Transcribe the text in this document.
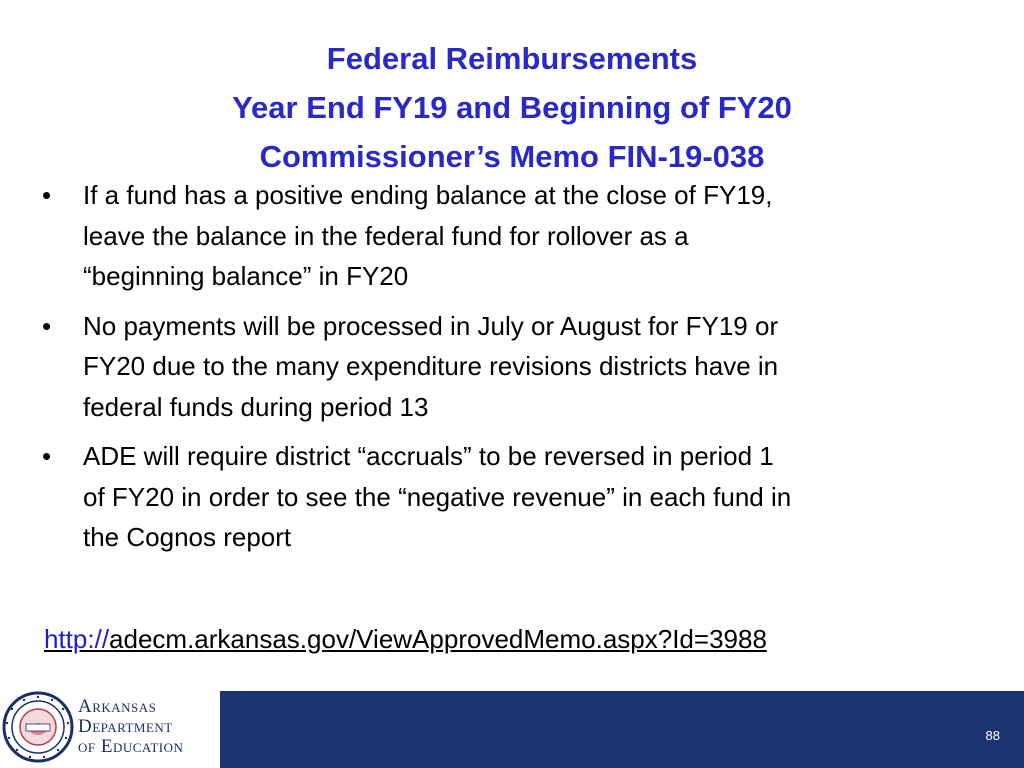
Federal Reimbursements
Year End FY19 and Beginning of FY20
Commissioner’s Memo FIN-19-038
•	If a fund has a positive ending balance at the close of FY19,
leave the balance in the federal fund for rollover as a
“beginning balance” in FY20
•	No payments will be processed in July or August for FY19 or
FY20 due to the many expenditure revisions districts have in
federal funds during period 13
•	ADE will require district “accruals” to be reversed in period 1
of FY20 in order to see the “negative revenue” in each fund in
the Cognos report
http://adecm.arkansas.gov/ViewApprovedMemo.aspx?Id=3988
Arkansas
Department
of Education
88
